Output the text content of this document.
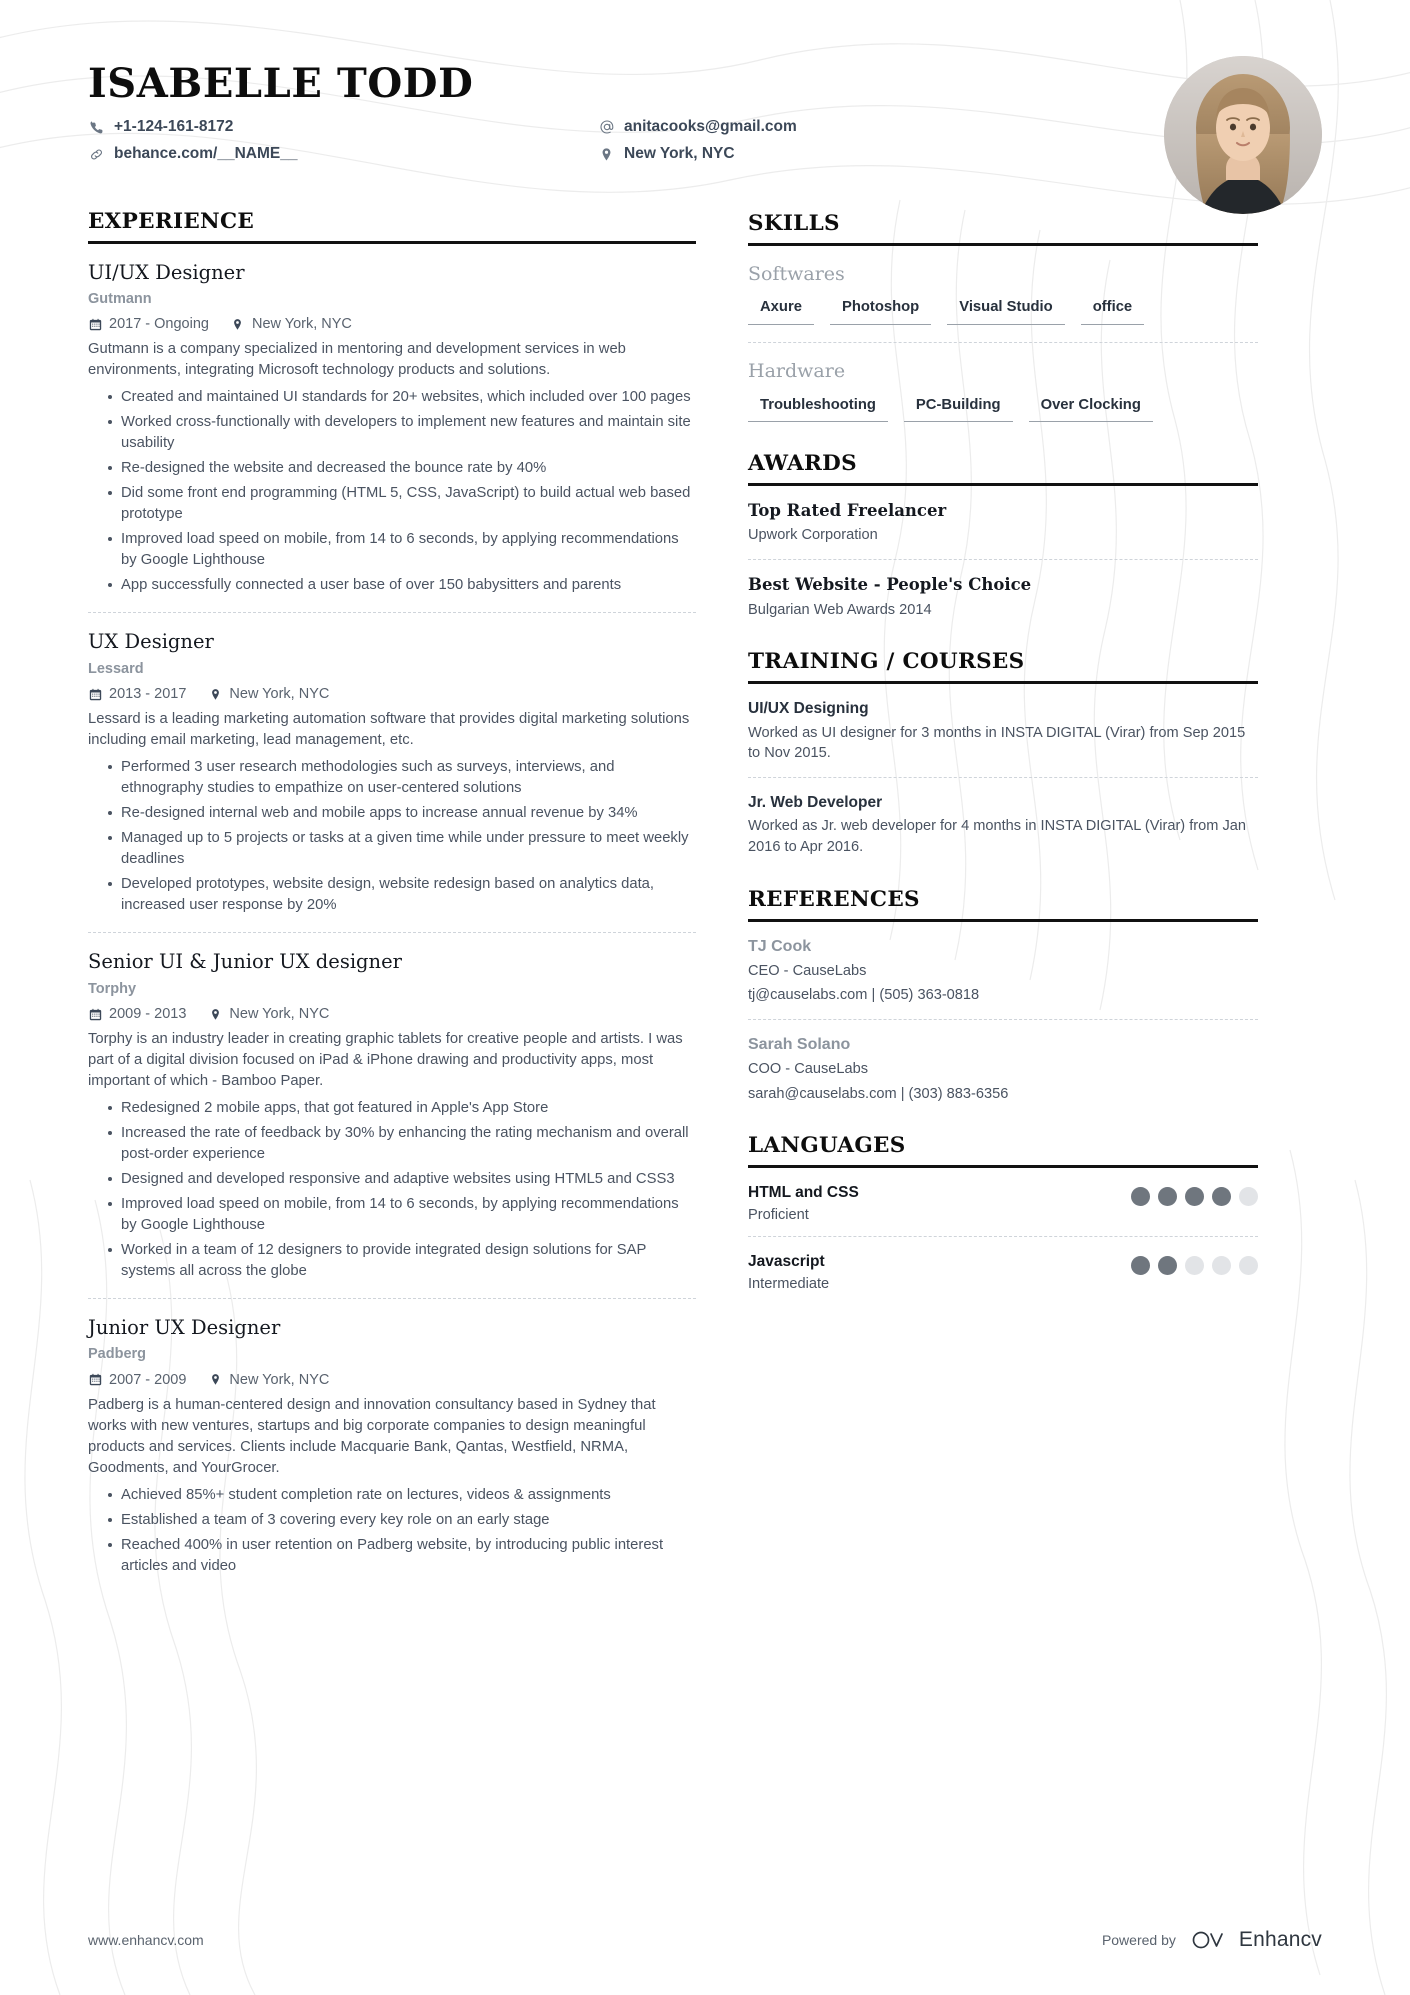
ISABELLE TODD
+1-124-161-8172	anitacooks@gmail.com
behance.com/__NAME__	New York, NYC
EXPERIENCE
UI/UX Designer
Gutmann
2017 - Ongoing	New York, NYC
Gutmann is a company specialized in mentoring and development services in web environments, integrating Microsoft technology products and solutions.
Created and maintained UI standards for 20+ websites, which included over 100 pages
Worked cross-functionally with developers to implement new features and maintain site usability
Re-designed the website and decreased the bounce rate by 40%
Did some front end programming (HTML 5, CSS, JavaScript) to build actual web based prototype
Improved load speed on mobile, from 14 to 6 seconds, by applying recommendations by Google Lighthouse
App successfully connected a user base of over 150 babysitters and parents
UX Designer
Lessard
2013 - 2017	New York, NYC
Lessard is a leading marketing automation software that provides digital marketing solutions including email marketing, lead management, etc.
Performed 3 user research methodologies such as surveys, interviews, and ethnography studies to empathize on user-centered solutions
Re-designed internal web and mobile apps to increase annual revenue by 34%
Managed up to 5 projects or tasks at a given time while under pressure to meet weekly deadlines
Developed prototypes, website design, website redesign based on analytics data, increased user response by 20%
Senior UI & Junior UX designer
Torphy
2009 - 2013	New York, NYC
Torphy is an industry leader in creating graphic tablets for creative people and artists. I was part of a digital division focused on iPad & iPhone drawing and productivity apps, most important of which - Bamboo Paper.
Redesigned 2 mobile apps, that got featured in Apple's App Store
Increased the rate of feedback by 30% by enhancing the rating mechanism and overall post-order experience
Designed and developed responsive and adaptive websites using HTML5 and CSS3
Improved load speed on mobile, from 14 to 6 seconds, by applying recommendations by Google Lighthouse
Worked in a team of 12 designers to provide integrated design solutions for SAP systems all across the globe
Junior UX Designer
Padberg
2007 - 2009	New York, NYC
Padberg is a human-centered design and innovation consultancy based in Sydney that works with new ventures, startups and big corporate companies to design meaningful products and services. Clients include Macquarie Bank, Qantas, Westfield, NRMA, Goodments, and YourGrocer.
Achieved 85%+ student completion rate on lectures, videos & assignments
Established a team of 3 covering every key role on an early stage
Reached 400% in user retention on Padberg website, by introducing public interest articles and video
SKILLS
Softwares
Axure	Photoshop	Visual Studio	office
Hardware
Troubleshooting	PC-Building	Over Clocking
AWARDS
Top Rated Freelancer
Upwork Corporation
Best Website - People's Choice
Bulgarian Web Awards 2014
TRAINING / COURSES
UI/UX Designing
Worked as UI designer for 3 months in INSTA DIGITAL (Virar) from Sep 2015 to Nov 2015.
Jr. Web Developer
Worked as Jr. web developer for 4 months in INSTA DIGITAL (Virar) from Jan 2016 to Apr 2016.
REFERENCES
TJ Cook
CEO - CauseLabs
tj@causelabs.com | (505) 363-0818
Sarah Solano
COO - CauseLabs
sarah@causelabs.com | (303) 883-6356
LANGUAGES
HTML and CSS
Proficient
Javascript
Intermediate
www.enhancv.com	Powered by	Enhancv
